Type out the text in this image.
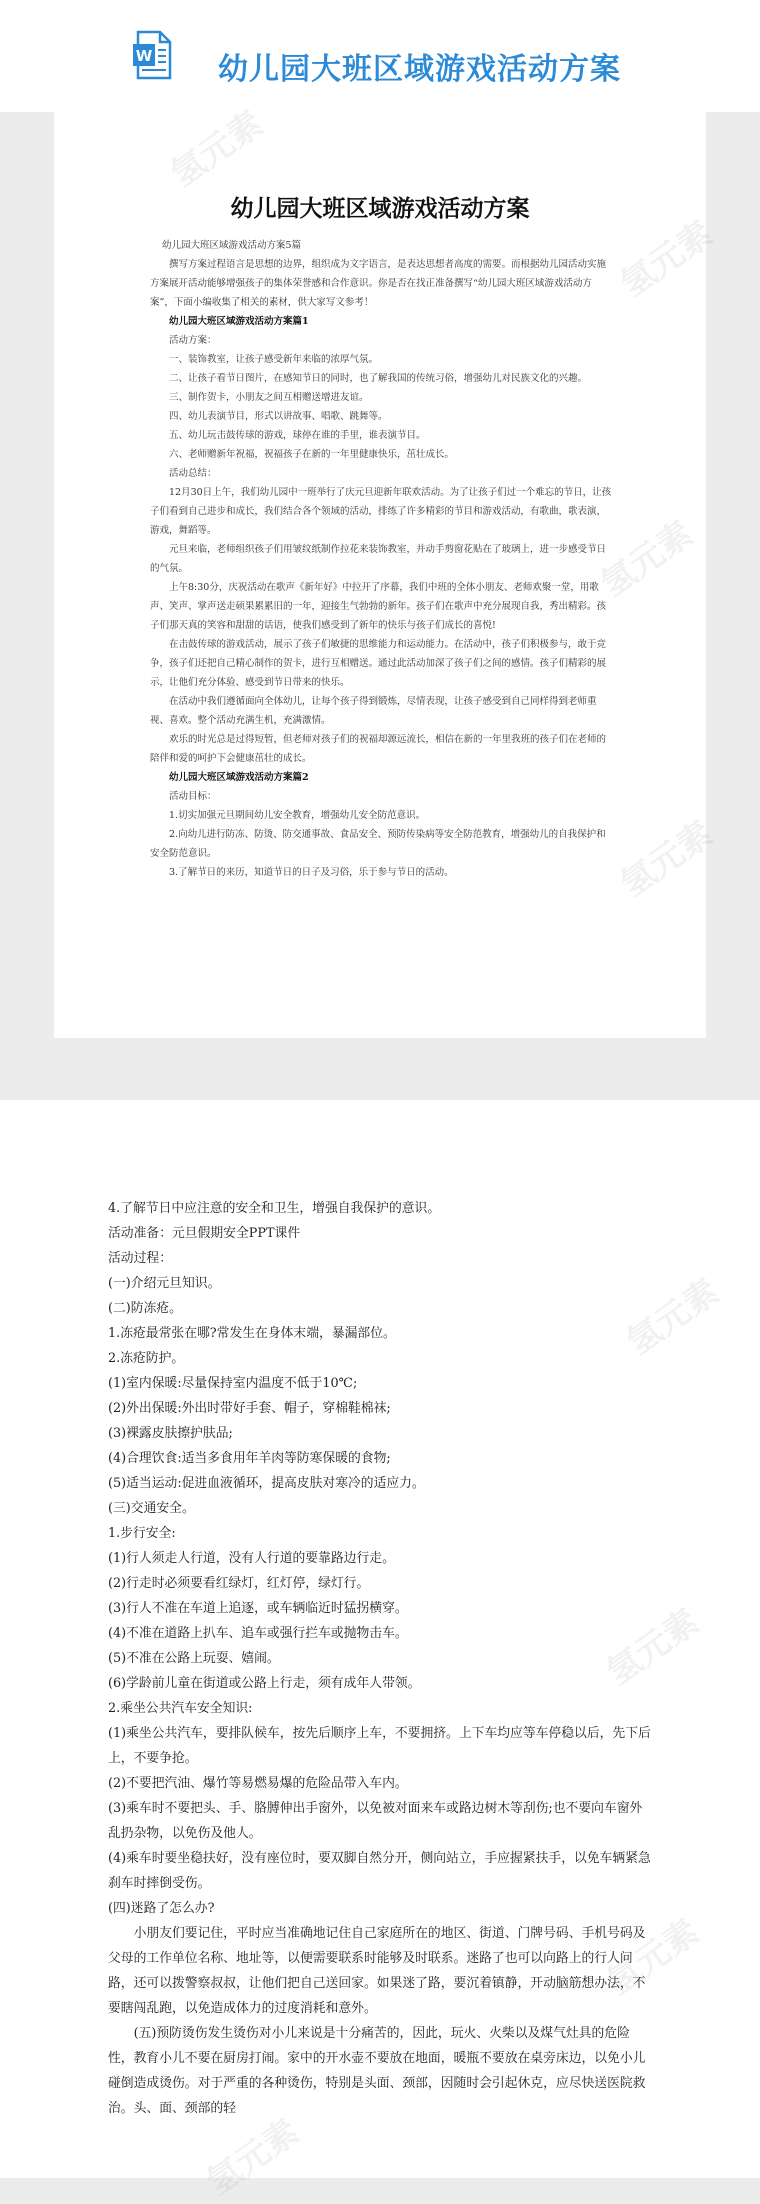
W 幼儿园大班区域游戏活动方案
幼儿园大班区域游戏活动方案

幼儿园大班区域游戏活动方案5篇

撰写方案过程语言是思想的边界，组织成为文字语言，是表达思想者高度的需要。而根据幼儿园活动实施方案展开活动能够增强孩子的集体荣誉感和合作意识。你是否在找正准备撰写“幼儿园大班区域游戏活动方案”，下面小编收集了相关的素材，供大家写文参考！

幼儿园大班区域游戏活动方案篇1

活动方案：

一、装饰教室，让孩子感受新年来临的浓厚气氛。

二、让孩子看节日图片，在感知节日的同时，也了解我国的传统习俗，增强幼儿对民族文化的兴趣。

三、制作贺卡，小朋友之间互相赠送增进友谊。

四、幼儿表演节目，形式以讲故事、唱歌、跳舞等。

五、幼儿玩击鼓传球的游戏，球停在谁的手里，谁表演节目。

六、老师赠新年祝福，祝福孩子在新的一年里健康快乐，茁壮成长。

活动总结：

12月30日上午，我们幼儿园中一班举行了庆元旦迎新年联欢活动。为了让孩子们过一个难忘的节日，让孩子们看到自己进步和成长，我们结合各个领域的活动，排练了许多精彩的节目和游戏活动，有歌曲，歌表演，游戏，舞蹈等。

元旦来临，老师组织孩子们用皱纹纸制作拉花来装饰教室，并动手剪窗花贴在了玻璃上，进一步感受节日的气氛。

上午8:30分，庆祝活动在歌声《新年好》中拉开了序幕，我们中班的全体小朋友、老师欢聚一堂，用歌声、笑声、掌声送走硕果累累旧的一年，迎接生气勃勃的新年。孩子们在歌声中充分展现自我，秀出精彩。孩子们那天真的笑容和甜甜的话语，使我们感受到了新年的快乐与孩子们成长的喜悦!

在击鼓传球的游戏活动，展示了孩子们敏捷的思维能力和运动能力。在活动中，孩子们积极参与，敢于竞争，孩子们还把自己精心制作的贺卡，进行互相赠送。通过此活动加深了孩子们之间的感情。孩子们精彩的展示，让他们充分体验、感受到节日带来的快乐。

在活动中我们遵循面向全体幼儿，让每个孩子得到锻炼，尽情表现，让孩子感受到自己同样得到老师重视、喜欢。整个活动充满生机，充满激情。

欢乐的时光总是过得短暂，但老师对孩子们的祝福却源远流长，相信在新的一年里我班的孩子们在老师的陪伴和爱的呵护下会健康茁壮的成长。

幼儿园大班区域游戏活动方案篇2

活动目标：

1.切实加强元旦期间幼儿安全教育，增强幼儿安全防范意识。

2.向幼儿进行防冻、防烫、防交通事故、食品安全、预防传染病等安全防范教育，增强幼儿的自我保护和安全防范意识。

3.了解节日的来历，知道节日的日子及习俗，乐于参与节日的活动。

氢元素
氢元素
氢元素
氢元素

4.了解节日中应注意的安全和卫生，增强自我保护的意识。

活动准备：元旦假期安全PPT课件

活动过程：

(一)介绍元旦知识。

(二)防冻疮。

1.冻疮最常张在哪?常发生在身体末端，暴漏部位。

2.冻疮防护。

(1)室内保暖:尽量保持室内温度不低于10℃;

(2)外出保暖:外出时带好手套、帽子，穿棉鞋棉袜;

(3)裸露皮肤擦护肤品;

(4)合理饮食:适当多食用年羊肉等防寒保暖的食物;

(5)适当运动:促进血液循环，提高皮肤对寒冷的适应力。

(三)交通安全。

1.步行安全:

(1)行人须走人行道，没有人行道的要靠路边行走。

(2)行走时必须要看红绿灯，红灯停，绿灯行。

(3)行人不准在车道上追逐，或车辆临近时猛拐横穿。

(4)不准在道路上扒车、追车或强行拦车或抛物击车。

(5)不准在公路上玩耍、嬉闹。

(6)学龄前儿童在街道或公路上行走，须有成年人带领。

2.乘坐公共汽车安全知识:

(1)乘坐公共汽车，要排队候车，按先后顺序上车，不要拥挤。上下车均应等车停稳以后，先下后上，不要争抢。

(2)不要把汽油、爆竹等易燃易爆的危险品带入车内。

(3)乘车时不要把头、手、胳膊伸出手窗外，以免被对面来车或路边树木等刮伤;也不要向车窗外乱扔杂物，以免伤及他人。

(4)乘车时要坐稳扶好，没有座位时，要双脚自然分开，侧向站立，手应握紧扶手，以免车辆紧急刹车时摔倒受伤。

(四)迷路了怎么办?

小朋友们要记住，平时应当准确地记住自己家庭所在的地区、街道、门牌号码、手机号码及父母的工作单位名称、地址等，以便需要联系时能够及时联系。迷路了也可以向路上的行人问路，还可以拨警察叔叔，让他们把自己送回家。如果迷了路，要沉着镇静，开动脑筋想办法，不要瞎闯乱跑，以免造成体力的过度消耗和意外。

(五)预防烫伤发生烫伤对小儿来说是十分痛苦的，因此，玩火、火柴以及煤气灶具的危险性，教育小儿不要在厨房打闹。家中的开水壶不要放在地面，暖瓶不要放在桌旁床边，以免小儿碰倒造成烫伤。对于严重的各种烫伤，特别是头面、颈部，因随时会引起休克，应尽快送医院救治。头、面、颈部的轻

氢元素
氢元素
氢元素
氢元素
